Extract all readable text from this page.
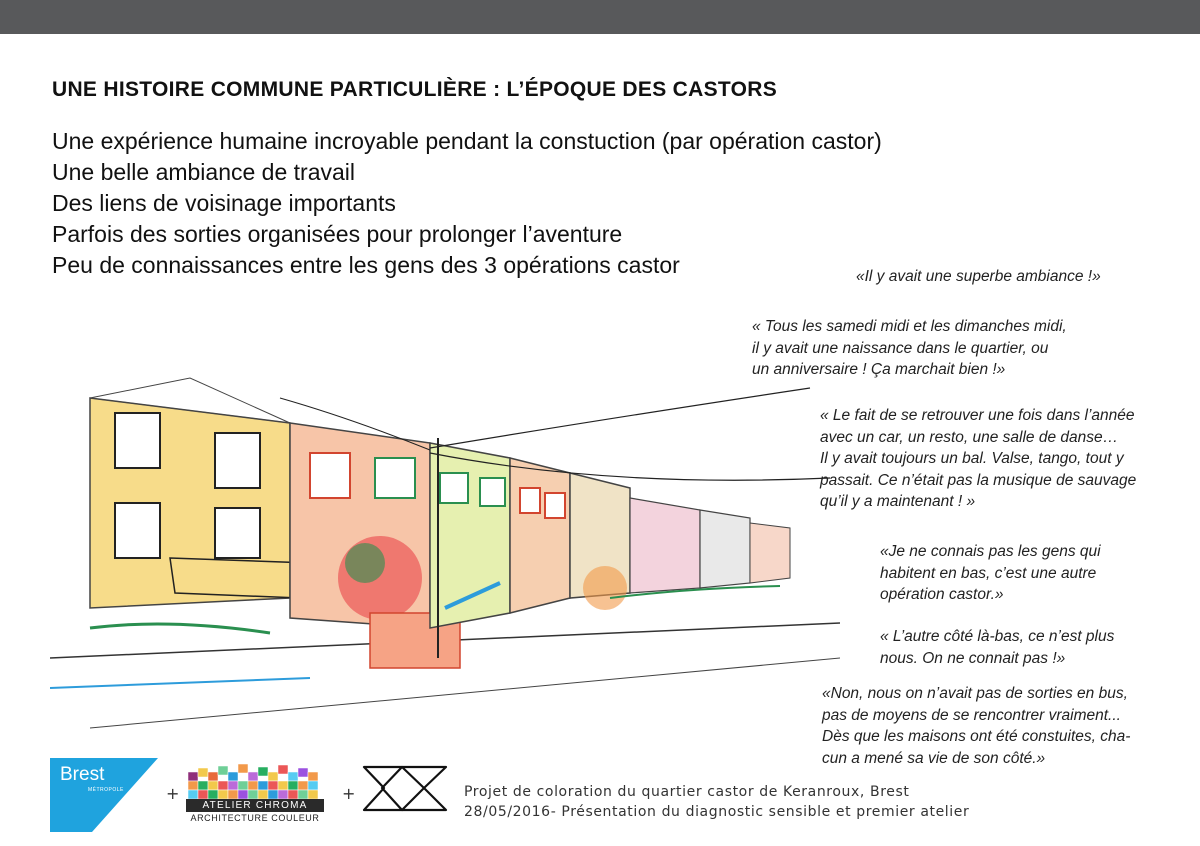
UNE HISTOIRE COMMUNE PARTICULIÈRE : L’ÉPOQUE DES CASTORS
Une expérience humaine incroyable pendant la constuction (par opération castor)
Une belle ambiance de travail
Des liens de voisinage importants
Parfois des sorties organisées pour prolonger l’aventure
Peu de connaissances entre les gens des 3 opérations castor	«Il y avait une superbe ambiance !»
« Tous les samedi midi et les dimanches midi,
il y avait une naissance dans le quartier, ou
un anniversaire ! Ça marchait bien !»
« Le fait de se retrouver une fois dans l’année
avec un car, un resto, une salle de danse…
Il y avait toujours un bal. Valse, tango, tout y
passait. Ce n’était pas la musique de sauvage
qu’il y a maintenant ! »
«Je ne connais pas les gens qui
habitent en bas, c’est une autre
opération castor.»
« L’autre côté là-bas, ce n’est plus
nous. On ne connait pas !»
«Non, nous on n’avait pas de sorties en bus,
pas de moyens de se rencontrer vraiment...
Dès que les maisons ont été constuites, cha-
cun a mené sa vie de son côté.»
Brest
MÉTROPOLE	+
ATELIER CHROMA
ARCHITECTURE COULEUR
+	Projet de coloration du quartier castor de Keranroux, Brest
28/05/2016- Présentation du diagnostic sensible et premier atelier
